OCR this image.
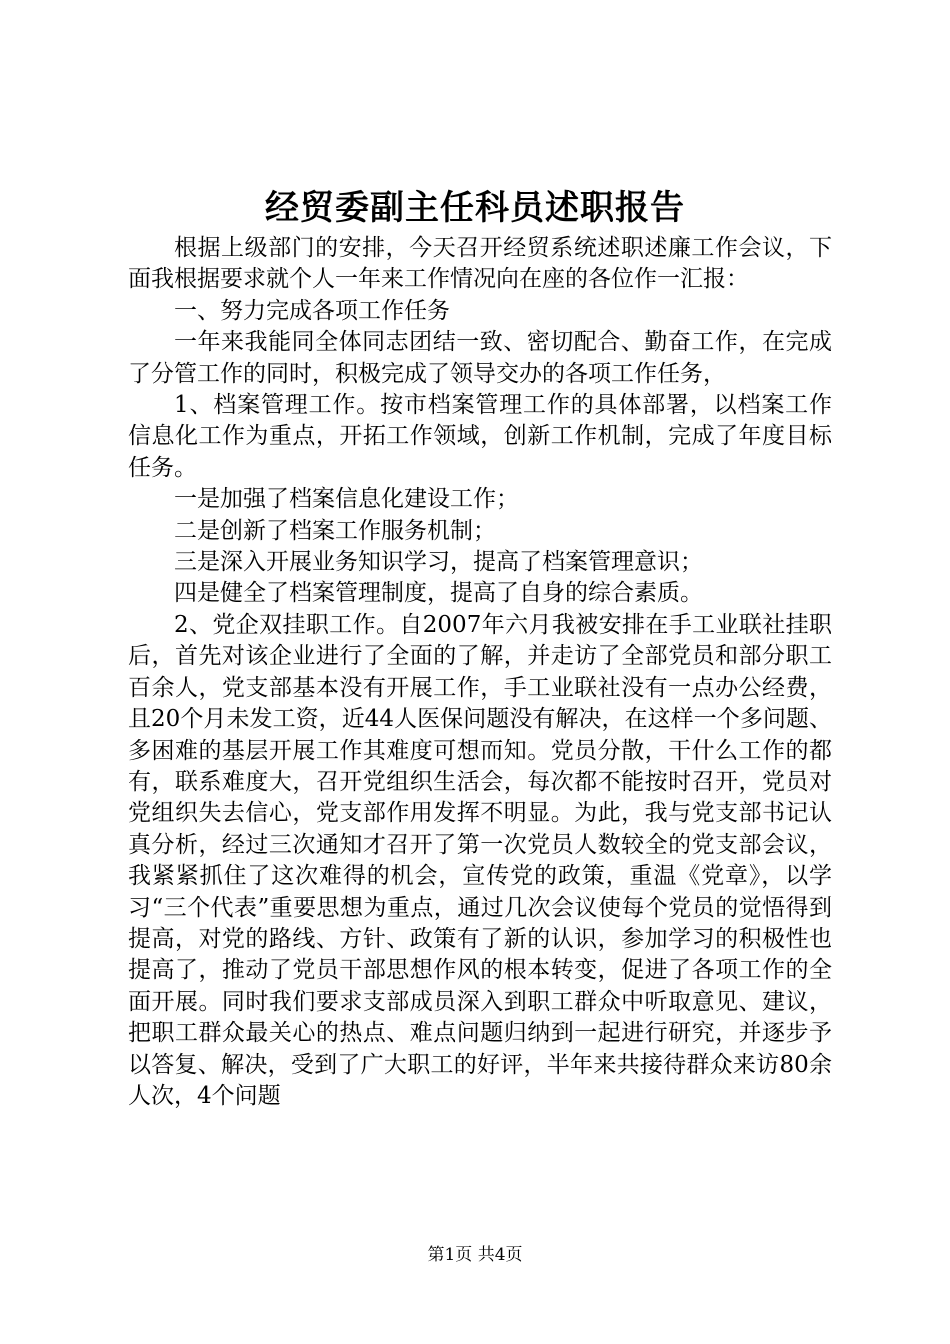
经贸委副主任科员述职报告

根据上级部门的安排，今天召开经贸系统述职述廉工作会议，下面我根据要求就个人一年来工作情况向在座的各位作一汇报：

一、努力完成各项工作任务

一年来我能同全体同志团结一致、密切配合、勤奋工作，在完成了分管工作的同时，积极完成了领导交办的各项工作任务，

1、档案管理工作。按市档案管理工作的具体部署，以档案工作信息化工作为重点，开拓工作领域，创新工作机制，完成了年度目标任务。

一是加强了档案信息化建设工作；

二是创新了档案工作服务机制；

三是深入开展业务知识学习，提高了档案管理意识；

四是健全了档案管理制度，提高了自身的综合素质。

2、党企双挂职工作。自2007年六月我被安排在手工业联社挂职后，首先对该企业进行了全面的了解，并走访了全部党员和部分职工百余人，党支部基本没有开展工作，手工业联社没有一点办公经费，且20个月未发工资，近44人医保问题没有解决，在这样一个多问题、多困难的基层开展工作其难度可想而知。党员分散，干什么工作的都有，联系难度大，召开党组织生活会，每次都不能按时召开，党员对党组织失去信心，党支部作用发挥不明显。为此，我与党支部书记认真分析，经过三次通知才召开了第一次党员人数较全的党支部会议，我紧紧抓住了这次难得的机会，宣传党的政策，重温《党章》，以学习“三个代表”重要思想为重点，通过几次会议使每个党员的觉悟得到提高，对党的路线、方针、政策有了新的认识，参加学习的积极性也提高了，推动了党员干部思想作风的根本转变，促进了各项工作的全面开展。同时我们要求支部成员深入到职工群众中听取意见、建议，把职工群众最关心的热点、难点问题归纳到一起进行研究，并逐步予以答复、解决，受到了广大职工的好评，半年来共接待群众来访80余人次，4个问题

第1页 共4页
